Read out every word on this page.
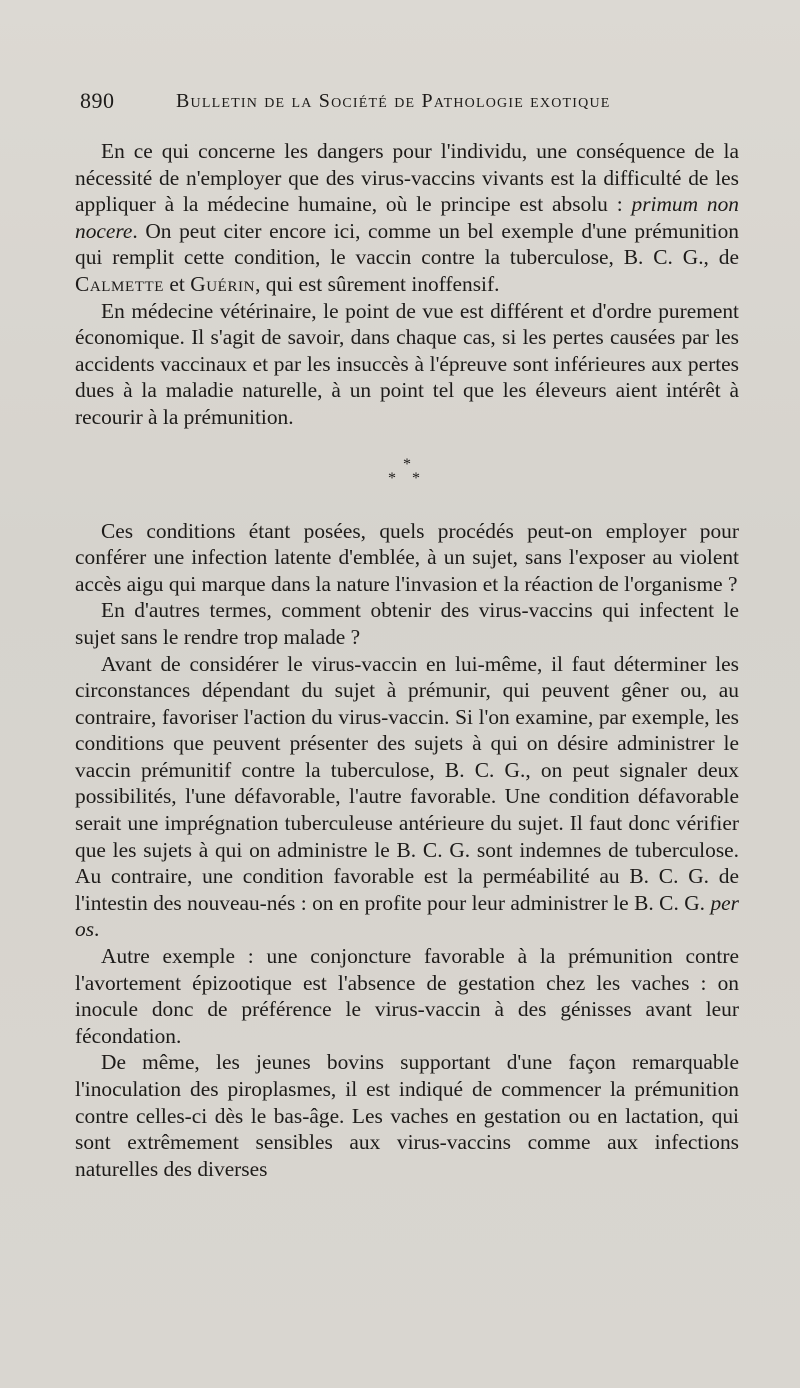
890	Bulletin de la Société de Pathologie exotique

En ce qui concerne les dangers pour l'individu, une conséquence de la nécessité de n'employer que des virus-vaccins vivants est la difficulté de les appliquer à la médecine humaine, où le principe est absolu : primum non nocere. On peut citer encore ici, comme un bel exemple d'une prémunition qui remplit cette condition, le vaccin contre la tuberculose, B. C. G., de Calmette et Guérin, qui est sûrement inoffensif.

En médecine vétérinaire, le point de vue est différent et d'ordre purement économique. Il s'agit de savoir, dans chaque cas, si les pertes causées par les accidents vaccinaux et par les insuccès à l'épreuve sont inférieures aux pertes dues à la maladie naturelle, à un point tel que les éleveurs aient intérêt à recourir à la prémunition.

*
* *

Ces conditions étant posées, quels procédés peut-on employer pour conférer une infection latente d'emblée, à un sujet, sans l'exposer au violent accès aigu qui marque dans la nature l'invasion et la réaction de l'organisme ?

En d'autres termes, comment obtenir des virus-vaccins qui infectent le sujet sans le rendre trop malade ?

Avant de considérer le virus-vaccin en lui-même, il faut déterminer les circonstances dépendant du sujet à prémunir, qui peuvent gêner ou, au contraire, favoriser l'action du virus-vaccin. Si l'on examine, par exemple, les conditions que peuvent présenter des sujets à qui on désire administrer le vaccin prémunitif contre la tuberculose, B. C. G., on peut signaler deux possibilités, l'une défavorable, l'autre favorable. Une condition défavorable serait une imprégnation tuberculeuse antérieure du sujet. Il faut donc vérifier que les sujets à qui on administre le B. C. G. sont indemnes de tuberculose. Au contraire, une condition favorable est la perméabilité au B. C. G. de l'intestin des nouveau-nés : on en profite pour leur administrer le B. C. G. per os.

Autre exemple : une conjoncture favorable à la prémunition contre l'avortement épizootique est l'absence de gestation chez les vaches : on inocule donc de préférence le virus-vaccin à des génisses avant leur fécondation.

De même, les jeunes bovins supportant d'une façon remarquable l'inoculation des piroplasmes, il est indiqué de commencer la prémunition contre celles-ci dès le bas-âge. Les vaches en gestation ou en lactation, qui sont extrêmement sensibles aux virus-vaccins comme aux infections naturelles des diverses
